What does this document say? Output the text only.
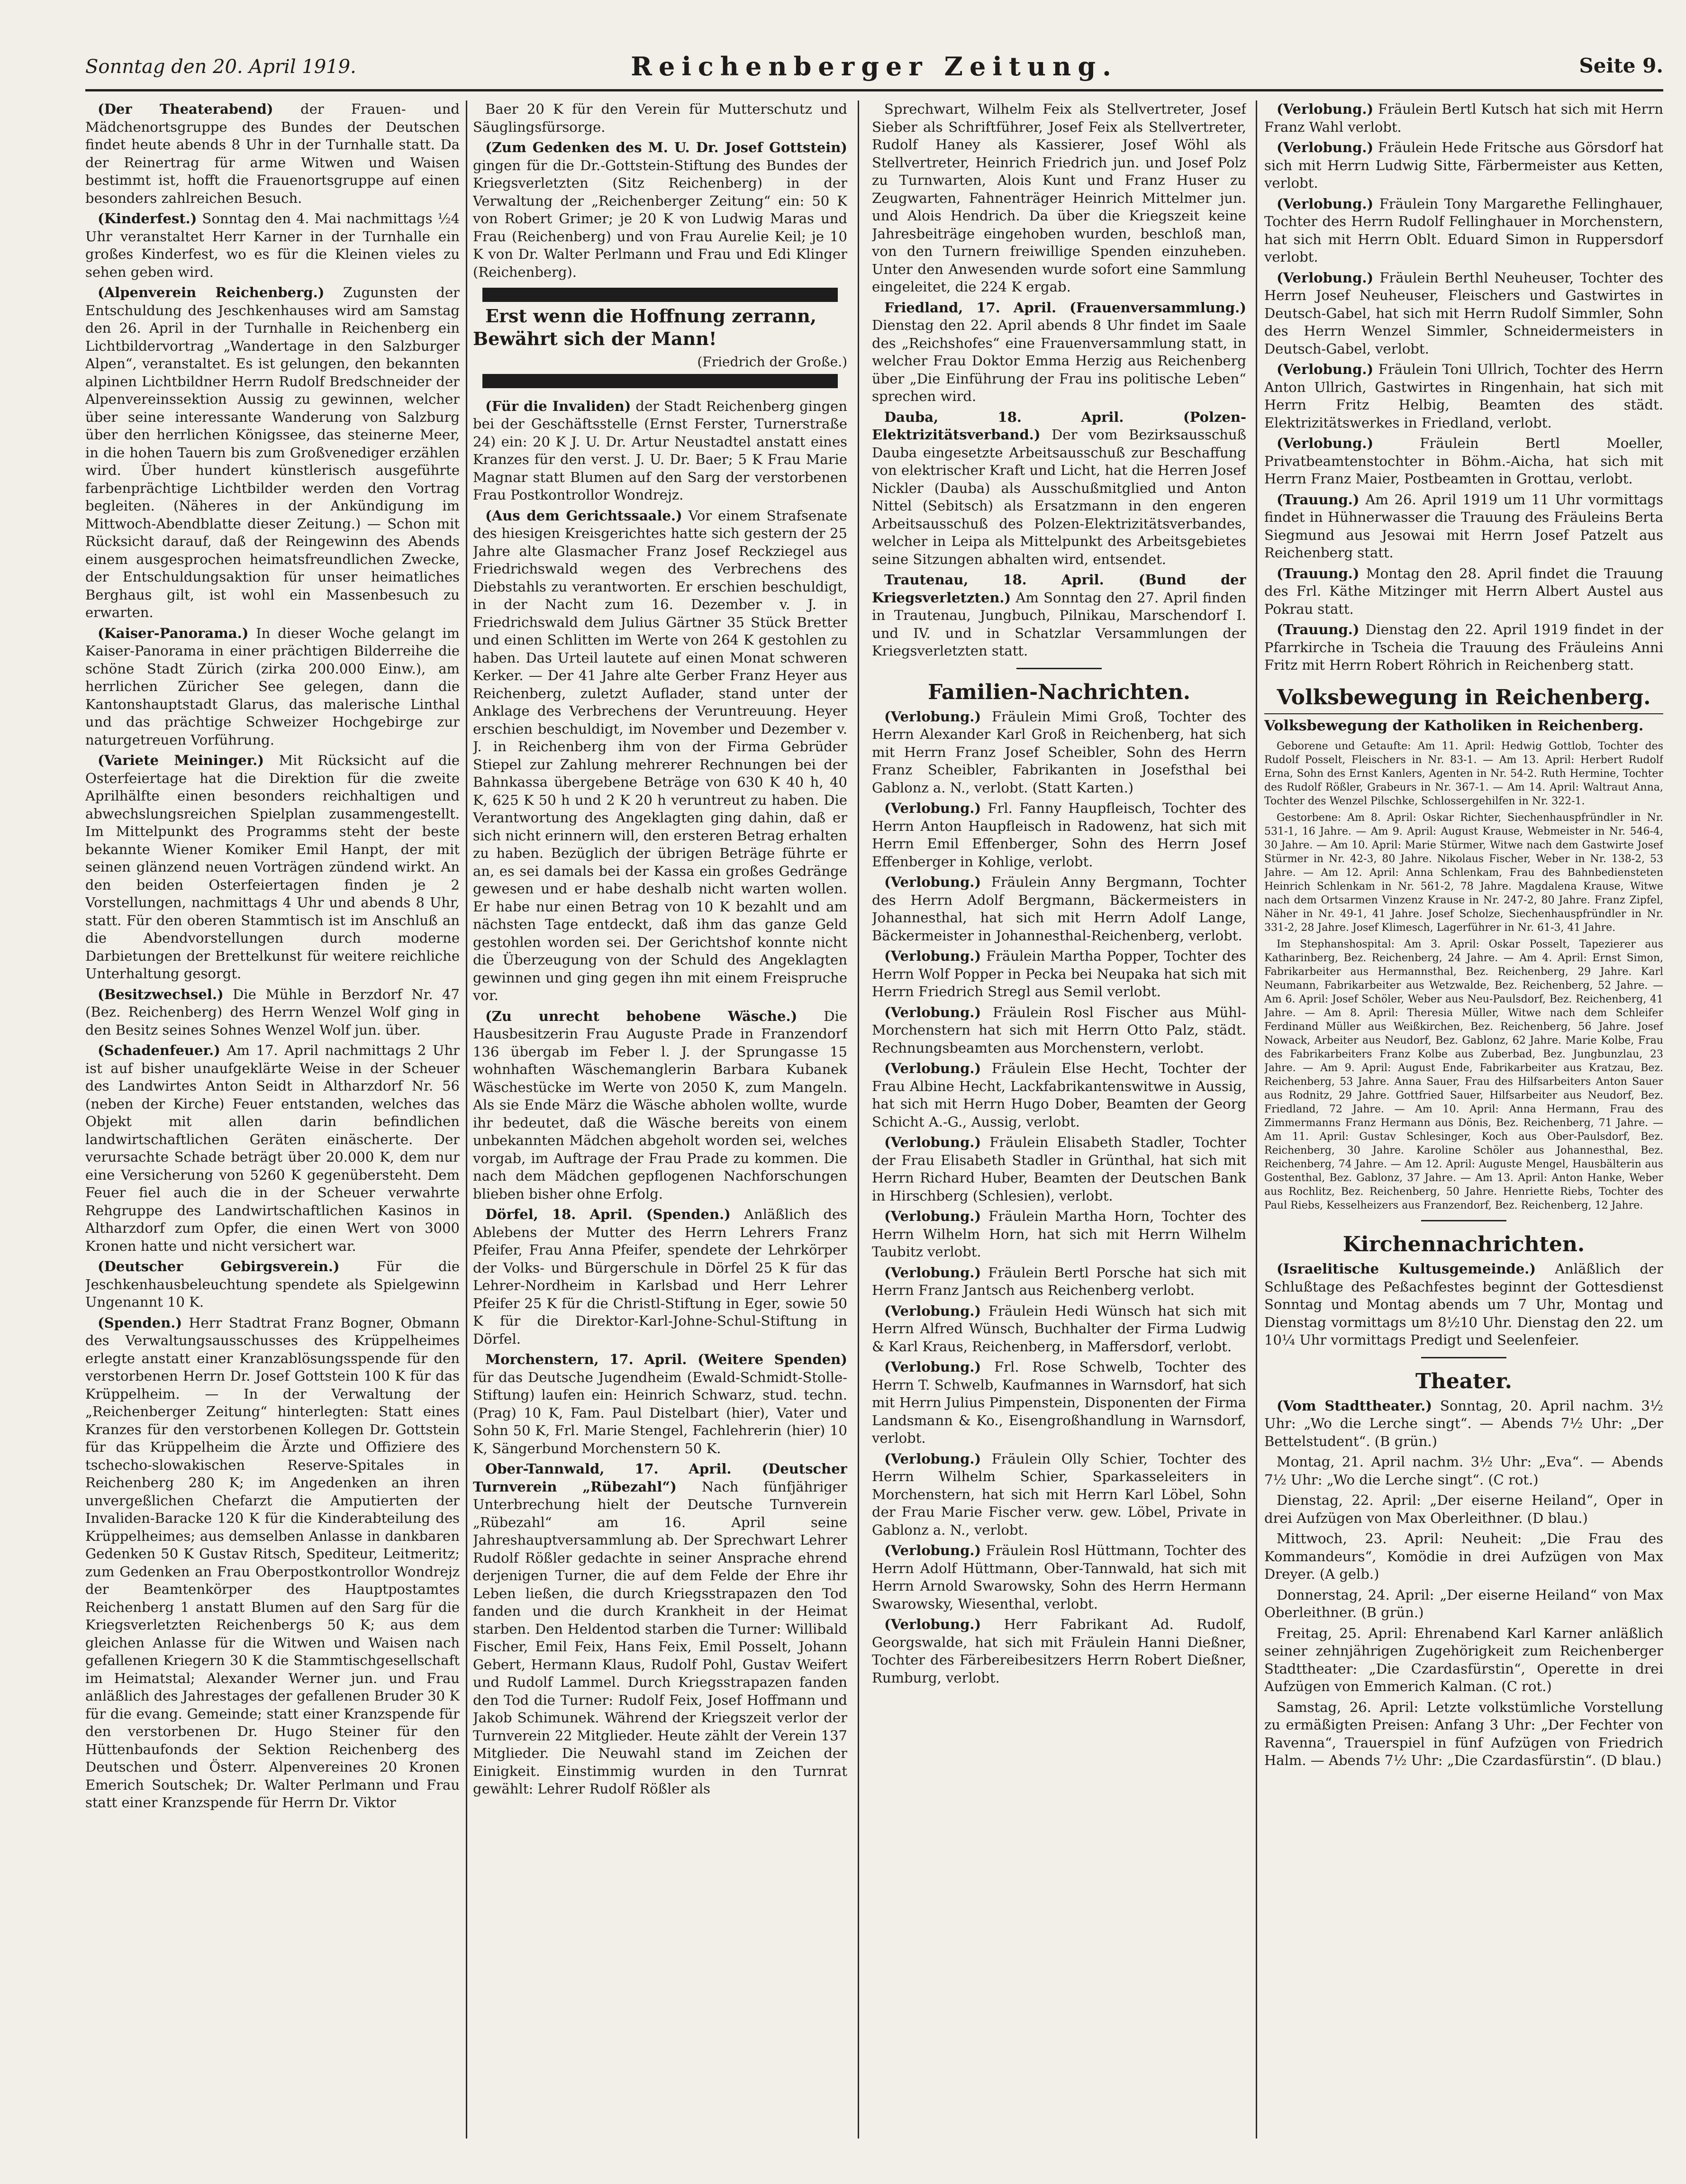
Sonntag den 20. April 1919.	Reichenberger Zeitung.	Seite 9.

(Der Theaterabend) der Frauen- und Mädchenortsgruppe des Bundes der Deutschen findet heute abends 8 Uhr in der Turnhalle statt. Da der Reinertrag für arme Witwen und Waisen bestimmt ist, hofft die Frauenortsgruppe auf einen besonders zahlreichen Besuch.

(Kinderfest.) Sonntag den 4. Mai nachmittags ½4 Uhr veranstaltet Herr Karner in der Turnhalle ein großes Kinderfest, wo es für die Kleinen vieles zu sehen geben wird.

(Alpenverein Reichenberg.) Zugunsten der Entschuldung des Jeschkenhauses wird am Samstag den 26. April in der Turnhalle in Reichenberg ein Lichtbildervortrag „Wandertage in den Salzburger Alpen“, veranstaltet. Es ist gelungen, den bekannten alpinen Lichtbildner Herrn Rudolf Bredschneider der Alpenvereinssektion Aussig zu gewinnen, welcher über seine interessante Wanderung von Salzburg über den herrlichen Königssee, das steinerne Meer, in die hohen Tauern bis zum Großvenediger erzählen wird. Über hundert künstlerisch ausgeführte farbenprächtige Lichtbilder werden den Vortrag begleiten. (Näheres in der Ankündigung im Mittwoch-Abendblatte dieser Zeitung.) — Schon mit Rücksicht darauf, daß der Reingewinn des Abends einem ausgesprochen heimatsfreundlichen Zwecke, der Entschuldungsaktion für unser heimatliches Berghaus gilt, ist wohl ein Massenbesuch zu erwarten.

(Kaiser-Panorama.) In dieser Woche gelangt im Kaiser-Panorama in einer prächtigen Bilderreihe die schöne Stadt Zürich (zirka 200.000 Einw.), am herrlichen Züricher See gelegen, dann die Kantonshauptstadt Glarus, das malerische Linthal und das prächtige Schweizer Hochgebirge zur naturgetreuen Vorführung.

(Variete Meininger.) Mit Rücksicht auf die Osterfeiertage hat die Direktion für die zweite Aprilhälfte einen besonders reichhaltigen und abwechslungsreichen Spielplan zusammengestellt. Im Mittelpunkt des Programms steht der beste bekannte Wiener Komiker Emil Hanpt, der mit seinen glänzend neuen Vorträgen zündend wirkt. An den beiden Osterfeiertagen finden je 2 Vorstellungen, nachmittags 4 Uhr und abends 8 Uhr, statt. Für den oberen Stammtisch ist im Anschluß an die Abendvorstellungen durch moderne Darbietungen der Brettelkunst für weitere reichliche Unterhaltung gesorgt.

(Besitzwechsel.) Die Mühle in Berzdorf Nr. 47 (Bez. Reichenberg) des Herrn Wenzel Wolf ging in den Besitz seines Sohnes Wenzel Wolf jun. über.

(Schadenfeuer.) Am 17. April nachmittags 2 Uhr ist auf bisher unaufgeklärte Weise in der Scheuer des Landwirtes Anton Seidt in Altharzdorf Nr. 56 (neben der Kirche) Feuer entstanden, welches das Objekt mit allen darin befindlichen landwirtschaftlichen Geräten einäscherte. Der verursachte Schade beträgt über 20.000 K, dem nur eine Versicherung von 5260 K gegenübersteht. Dem Feuer fiel auch die in der Scheuer verwahrte Rehgruppe des Landwirtschaftlichen Kasinos in Altharzdorf zum Opfer, die einen Wert von 3000 Kronen hatte und nicht versichert war.

(Deutscher Gebirgsverein.) Für die Jeschkenhausbeleuchtung spendete als Spielgewinn Ungenannt 10 K.

(Spenden.) Herr Stadtrat Franz Bogner, Obmann des Verwaltungsausschusses des Krüppelheimes erlegte anstatt einer Kranzablösungsspende für den verstorbenen Herrn Dr. Josef Gottstein 100 K für das Krüppelheim. — In der Verwaltung der „Reichenberger Zeitung“ hinterlegten: Statt eines Kranzes für den verstorbenen Kollegen Dr. Gottstein für das Krüppelheim die Ärzte und Offiziere des tschecho-slowakischen Reserve-Spitales in Reichenberg 280 K; im Angedenken an ihren unvergeßlichen Chefarzt die Amputierten der Invaliden-Baracke 120 K für die Kinderabteilung des Krüppelheimes; aus demselben Anlasse in dankbaren Gedenken 50 K Gustav Ritsch, Spediteur, Leitmeritz; zum Gedenken an Frau Oberpostkontrollor Wondrejz der Beamtenkörper des Hauptpostamtes Reichenberg 1 anstatt Blumen auf den Sarg für die Kriegsverletzten Reichenbergs 50 K; aus dem gleichen Anlasse für die Witwen und Waisen nach gefallenen Kriegern 30 K die Stammtischgesellschaft im Heimatstal; Alexander Werner jun. und Frau anläßlich des Jahrestages der gefallenen Bruder 30 K für die evang. Gemeinde; statt einer Kranzspende für den verstorbenen Dr. Hugo Steiner für den Hüttenbaufonds der Sektion Reichenberg des Deutschen und Österr. Alpenvereines 20 Kronen Emerich Soutschek; Dr. Walter Perlmann und Frau statt einer Kranzspende für Herrn Dr. Viktor

Baer 20 K für den Verein für Mutterschutz und Säuglingsfürsorge.

(Zum Gedenken des M. U. Dr. Josef Gottstein) gingen für die Dr.-Gottstein-Stiftung des Bundes der Kriegsverletzten (Sitz Reichenberg) in der Verwaltung der „Reichenberger Zeitung“ ein: 50 K von Robert Grimer; je 20 K von Ludwig Maras und Frau (Reichenberg) und von Frau Aurelie Keil; je 10 K von Dr. Walter Perlmann und Frau und Edi Klinger (Reichenberg).

Erst wenn die Hoffnung zerrann, Bewährt sich der Mann!

(Friedrich der Große.)

(Für die Invaliden) der Stadt Reichenberg gingen bei der Geschäftsstelle (Ernst Ferster, Turnerstraße 24) ein: 20 K J. U. Dr. Artur Neustadtel anstatt eines Kranzes für den verst. J. U. Dr. Baer; 5 K Frau Marie Magnar statt Blumen auf den Sarg der verstorbenen Frau Postkontrollor Wondrejz.

(Aus dem Gerichtssaale.) Vor einem Strafsenate des hiesigen Kreisgerichtes hatte sich gestern der 25 Jahre alte Glasmacher Franz Josef Reckziegel aus Friedrichswald wegen des Verbrechens des Diebstahls zu verantworten. Er erschien beschuldigt, in der Nacht zum 16. Dezember v. J. in Friedrichswald dem Julius Gärtner 35 Stück Bretter und einen Schlitten im Werte von 264 K gestohlen zu haben. Das Urteil lautete auf einen Monat schweren Kerker. — Der 41 Jahre alte Gerber Franz Heyer aus Reichenberg, zuletzt Auflader, stand unter der Anklage des Verbrechens der Veruntreuung. Heyer erschien beschuldigt, im November und Dezember v. J. in Reichenberg ihm von der Firma Gebrüder Stiepel zur Zahlung mehrerer Rechnungen bei der Bahnkassa übergebene Beträge von 630 K 40 h, 40 K, 625 K 50 h und 2 K 20 h veruntreut zu haben. Die Verantwortung des Angeklagten ging dahin, daß er sich nicht erinnern will, den ersteren Betrag erhalten zu haben. Bezüglich der übrigen Beträge führte er an, es sei damals bei der Kassa ein großes Gedränge gewesen und er habe deshalb nicht warten wollen. Er habe nur einen Betrag von 10 K bezahlt und am nächsten Tage entdeckt, daß ihm das ganze Geld gestohlen worden sei. Der Gerichtshof konnte nicht die Überzeugung von der Schuld des Angeklagten gewinnen und ging gegen ihn mit einem Freispruche vor.

(Zu unrecht behobene Wäsche.) Die Hausbesitzerin Frau Auguste Prade in Franzendorf 136 übergab im Feber l. J. der Sprungasse 15 wohnhaften Wäschemanglerin Barbara Kubanek Wäschestücke im Werte von 2050 K, zum Mangeln. Als sie Ende März die Wäsche abholen wollte, wurde ihr bedeutet, daß die Wäsche bereits von einem unbekannten Mädchen abgeholt worden sei, welches vorgab, im Auftrage der Frau Prade zu kommen. Die nach dem Mädchen gepflogenen Nachforschungen blieben bisher ohne Erfolg.

Dörfel, 18. April. (Spenden.) Anläßlich des Ablebens der Mutter des Herrn Lehrers Franz Pfeifer, Frau Anna Pfeifer, spendete der Lehrkörper der Volks- und Bürgerschule in Dörfel 25 K für das Lehrer-Nordheim in Karlsbad und Herr Lehrer Pfeifer 25 K für die Christl-Stiftung in Eger, sowie 50 K für die Direktor-Karl-Johne-Schul-Stiftung in Dörfel.

Morchenstern, 17. April. (Weitere Spenden) für das Deutsche Jugendheim (Ewald-Schmidt-Stolle-Stiftung) laufen ein: Heinrich Schwarz, stud. techn. (Prag) 10 K, Fam. Paul Distelbart (hier), Vater und Sohn 50 K, Frl. Marie Stengel, Fachlehrerin (hier) 10 K, Sängerbund Morchenstern 50 K.

Ober-Tannwald, 17. April. (Deutscher Turnverein „Rübezahl“) Nach fünfjähriger Unterbrechung hielt der Deutsche Turnverein „Rübezahl“ am 16. April seine Jahreshauptversammlung ab. Der Sprechwart Lehrer Rudolf Rößler gedachte in seiner Ansprache ehrend derjenigen Turner, die auf dem Felde der Ehre ihr Leben ließen, die durch Kriegsstrapazen den Tod fanden und die durch Krankheit in der Heimat starben. Den Heldentod starben die Turner: Willibald Fischer, Emil Feix, Hans Feix, Emil Posselt, Johann Gebert, Hermann Klaus, Rudolf Pohl, Gustav Weifert und Rudolf Lammel. Durch Kriegsstrapazen fanden den Tod die Turner: Rudolf Feix, Josef Hoffmann und Jakob Schimunek. Während der Kriegszeit verlor der Turnverein 22 Mitglieder. Heute zählt der Verein 137 Mitglieder. Die Neuwahl stand im Zeichen der Einigkeit. Einstimmig wurden in den Turnrat gewählt: Lehrer Rudolf Rößler als

Sprechwart, Wilhelm Feix als Stellvertreter, Josef Sieber als Schriftführer, Josef Feix als Stellvertreter, Rudolf Haney als Kassierer, Josef Wöhl als Stellvertreter, Heinrich Friedrich jun. und Josef Polz zu Turnwarten, Alois Kunt und Franz Huser zu Zeugwarten, Fahnenträger Heinrich Mittelmer jun. und Alois Hendrich. Da über die Kriegszeit keine Jahresbeiträge eingehoben wurden, beschloß man, von den Turnern freiwillige Spenden einzuheben. Unter den Anwesenden wurde sofort eine Sammlung eingeleitet, die 224 K ergab.

Friedland, 17. April. (Frauenversammlung.) Dienstag den 22. April abends 8 Uhr findet im Saale des „Reichshofes“ eine Frauenversammlung statt, in welcher Frau Doktor Emma Herzig aus Reichenberg über „Die Einführung der Frau ins politische Leben“ sprechen wird.

Dauba, 18. April. (Polzen-Elektrizitätsverband.) Der vom Bezirksausschuß Dauba eingesetzte Arbeitsausschuß zur Beschaffung von elektrischer Kraft und Licht, hat die Herren Josef Nickler (Dauba) als Ausschußmitglied und Anton Nittel (Sebitsch) als Ersatzmann in den engeren Arbeitsausschuß des Polzen-Elektrizitätsverbandes, welcher in Leipa als Mittelpunkt des Arbeitsgebietes seine Sitzungen abhalten wird, entsendet.

Trautenau, 18. April. (Bund der Kriegsverletzten.) Am Sonntag den 27. April finden in Trautenau, Jungbuch, Pilnikau, Marschendorf I. und IV. und in Schatzlar Versammlungen der Kriegsverletzten statt.

Familien-Nachrichten.

(Verlobung.) Fräulein Mimi Groß, Tochter des Herrn Alexander Karl Groß in Reichenberg, hat sich mit Herrn Franz Josef Scheibler, Sohn des Herrn Franz Scheibler, Fabrikanten in Josefsthal bei Gablonz a. N., verlobt. (Statt Karten.)

(Verlobung.) Frl. Fanny Haupfleisch, Tochter des Herrn Anton Haupfleisch in Radowenz, hat sich mit Herrn Emil Effenberger, Sohn des Herrn Josef Effenberger in Kohlige, verlobt.

(Verlobung.) Fräulein Anny Bergmann, Tochter des Herrn Adolf Bergmann, Bäckermeisters in Johannesthal, hat sich mit Herrn Adolf Lange, Bäckermeister in Johannesthal-Reichenberg, verlobt.

(Verlobung.) Fräulein Martha Popper, Tochter des Herrn Wolf Popper in Pecka bei Neupaka hat sich mit Herrn Friedrich Stregl aus Semil verlobt.

(Verlobung.) Fräulein Rosl Fischer aus Mühl-Morchenstern hat sich mit Herrn Otto Palz, städt. Rechnungsbeamten aus Morchenstern, verlobt.

(Verlobung.) Fräulein Else Hecht, Tochter der Frau Albine Hecht, Lackfabrikantenswitwe in Aussig, hat sich mit Herrn Hugo Dober, Beamten der Georg Schicht A.-G., Aussig, verlobt.

(Verlobung.) Fräulein Elisabeth Stadler, Tochter der Frau Elisabeth Stadler in Grünthal, hat sich mit Herrn Richard Huber, Beamten der Deutschen Bank in Hirschberg (Schlesien), verlobt.

(Verlobung.) Fräulein Martha Horn, Tochter des Herrn Wilhelm Horn, hat sich mit Herrn Wilhelm Taubitz verlobt.

(Verlobung.) Fräulein Bertl Porsche hat sich mit Herrn Franz Jantsch aus Reichenberg verlobt.

(Verlobung.) Fräulein Hedi Wünsch hat sich mit Herrn Alfred Wünsch, Buchhalter der Firma Ludwig & Karl Kraus, Reichenberg, in Maffersdorf, verlobt.

(Verlobung.) Frl. Rose Schwelb, Tochter des Herrn T. Schwelb, Kaufmannes in Warnsdorf, hat sich mit Herrn Julius Pimpenstein, Disponenten der Firma Landsmann & Ko., Eisengroßhandlung in Warnsdorf, verlobt.

(Verlobung.) Fräulein Olly Schier, Tochter des Herrn Wilhelm Schier, Sparkasseleiters in Morchenstern, hat sich mit Herrn Karl Löbel, Sohn der Frau Marie Fischer verw. gew. Löbel, Private in Gablonz a. N., verlobt.

(Verlobung.) Fräulein Rosl Hüttmann, Tochter des Herrn Adolf Hüttmann, Ober-Tannwald, hat sich mit Herrn Arnold Swarowsky, Sohn des Herrn Hermann Swarowsky, Wiesenthal, verlobt.

(Verlobung.) Herr Fabrikant Ad. Rudolf, Georgswalde, hat sich mit Fräulein Hanni Dießner, Tochter des Färbereibesitzers Herrn Robert Dießner, Rumburg, verlobt.

(Verlobung.) Fräulein Bertl Kutsch hat sich mit Herrn Franz Wahl verlobt.

(Verlobung.) Fräulein Hede Fritsche aus Görsdorf hat sich mit Herrn Ludwig Sitte, Färbermeister aus Ketten, verlobt.

(Verlobung.) Fräulein Tony Margarethe Fellinghauer, Tochter des Herrn Rudolf Fellinghauer in Morchenstern, hat sich mit Herrn Oblt. Eduard Simon in Ruppersdorf verlobt.

(Verlobung.) Fräulein Berthl Neuheuser, Tochter des Herrn Josef Neuheuser, Fleischers und Gastwirtes in Deutsch-Gabel, hat sich mit Herrn Rudolf Simmler, Sohn des Herrn Wenzel Simmler, Schneidermeisters in Deutsch-Gabel, verlobt.

(Verlobung.) Fräulein Toni Ullrich, Tochter des Herrn Anton Ullrich, Gastwirtes in Ringenhain, hat sich mit Herrn Fritz Helbig, Beamten des städt. Elektrizitätswerkes in Friedland, verlobt.

(Verlobung.) Fräulein Bertl Moeller, Privatbeamtenstochter in Böhm.-Aicha, hat sich mit Herrn Franz Maier, Postbeamten in Grottau, verlobt.

(Trauung.) Am 26. April 1919 um 11 Uhr vormittags findet in Hühnerwasser die Trauung des Fräuleins Berta Siegmund aus Jesowai mit Herrn Josef Patzelt aus Reichenberg statt.

(Trauung.) Montag den 28. April findet die Trauung des Frl. Käthe Mitzinger mit Herrn Albert Austel aus Pokrau statt.

(Trauung.) Dienstag den 22. April 1919 findet in der Pfarrkirche in Tscheia die Trauung des Fräuleins Anni Fritz mit Herrn Robert Röhrich in Reichenberg statt.

Volksbewegung in Reichenberg.
Volksbewegung der Katholiken in Reichenberg.

Geborene und Getaufte: Am 11. April: Hedwig Gottlob, Tochter des Rudolf Posselt, Fleischers in Nr. 83-1. — Am 13. April: Herbert Rudolf Erna, Sohn des Ernst Kanlers, Agenten in Nr. 54-2. Ruth Hermine, Tochter des Rudolf Rößler, Grabeurs in Nr. 367-1. — Am 14. April: Waltraut Anna, Tochter des Wenzel Pilschke, Schlossergehilfen in Nr. 322-1.

Gestorbene: Am 8. April: Oskar Richter, Siechenhauspfründler in Nr. 531-1, 16 Jahre. — Am 9. April: August Krause, Webmeister in Nr. 546-4, 30 Jahre. — Am 10. April: Marie Stürmer, Witwe nach dem Gastwirte Josef Stürmer in Nr. 42-3, 80 Jahre. Nikolaus Fischer, Weber in Nr. 138-2, 53 Jahre. — Am 12. April: Anna Schlenkam, Frau des Bahnbediensteten Heinrich Schlenkam in Nr. 561-2, 78 Jahre. Magdalena Krause, Witwe nach dem Ortsarmen Vinzenz Krause in Nr. 247-2, 80 Jahre. Franz Zipfel, Näher in Nr. 49-1, 41 Jahre. Josef Scholze, Siechenhauspfründler in Nr. 331-2, 28 Jahre. Josef Klimesch, Lagerführer in Nr. 61-3, 41 Jahre.

Im Stephanshospital: Am 3. April: Oskar Posselt, Tapezierer aus Katharinberg, Bez. Reichenberg, 24 Jahre. — Am 4. April: Ernst Simon, Fabrikarbeiter aus Hermannsthal, Bez. Reichenberg, 29 Jahre. Karl Neumann, Fabrikarbeiter aus Wetzwalde, Bez. Reichenberg, 52 Jahre. — Am 6. April: Josef Schöler, Weber aus Neu-Paulsdorf, Bez. Reichenberg, 41 Jahre. — Am 8. April: Theresia Müller, Witwe nach dem Schleifer Ferdinand Müller aus Weißkirchen, Bez. Reichenberg, 56 Jahre. Josef Nowack, Arbeiter aus Neudorf, Bez. Gablonz, 62 Jahre. Marie Kolbe, Frau des Fabrikarbeiters Franz Kolbe aus Zuberbad, Bez. Jungbunzlau, 23 Jahre. — Am 9. April: August Ende, Fabrikarbeiter aus Kratzau, Bez. Reichenberg, 53 Jahre. Anna Sauer, Frau des Hilfsarbeiters Anton Sauer aus Rodnitz, 29 Jahre. Gottfried Sauer, Hilfsarbeiter aus Neudorf, Bez. Friedland, 72 Jahre. — Am 10. April: Anna Hermann, Frau des Zimmermanns Franz Hermann aus Dönis, Bez. Reichenberg, 71 Jahre. — Am 11. April: Gustav Schlesinger, Koch aus Ober-Paulsdorf, Bez. Reichenberg, 30 Jahre. Karoline Schöler aus Johannesthal, Bez. Reichenberg, 74 Jahre. — Am 12. April: Auguste Mengel, Hausbälterin aus Gostenthal, Bez. Gablonz, 37 Jahre. — Am 13. April: Anton Hanke, Weber aus Rochlitz, Bez. Reichenberg, 50 Jahre. Henriette Riebs, Tochter des Paul Riebs, Kesselheizers aus Franzendorf, Bez. Reichenberg, 12 Jahre.

Kirchennachrichten.

(Israelitische Kultusgemeinde.) Anläßlich der Schlußtage des Peßachfestes beginnt der Gottesdienst Sonntag und Montag abends um 7 Uhr, Montag und Dienstag vormittags um 8½10 Uhr. Dienstag den 22. um 10¼ Uhr vormittags Predigt und Seelenfeier.

Theater.

(Vom Stadttheater.) Sonntag, 20. April nachm. 3½ Uhr: „Wo die Lerche singt“. — Abends 7½ Uhr: „Der Bettelstudent“. (B grün.)

Montag, 21. April nachm. 3½ Uhr: „Eva“. — Abends 7½ Uhr: „Wo die Lerche singt“. (C rot.)

Dienstag, 22. April: „Der eiserne Heiland“, Oper in drei Aufzügen von Max Oberleithner. (D blau.)

Mittwoch, 23. April: Neuheit: „Die Frau des Kommandeurs“, Komödie in drei Aufzügen von Max Dreyer. (A gelb.)

Donnerstag, 24. April: „Der eiserne Heiland“ von Max Oberleithner. (B grün.)

Freitag, 25. April: Ehrenabend Karl Karner anläßlich seiner zehnjährigen Zugehörigkeit zum Reichenberger Stadttheater: „Die Czardasfürstin“, Operette in drei Aufzügen von Emmerich Kalman. (C rot.)

Samstag, 26. April: Letzte volkstümliche Vorstellung zu ermäßigten Preisen: Anfang 3 Uhr: „Der Fechter von Ravenna“, Trauerspiel in fünf Aufzügen von Friedrich Halm. — Abends 7½ Uhr: „Die Czardasfürstin“. (D blau.)
